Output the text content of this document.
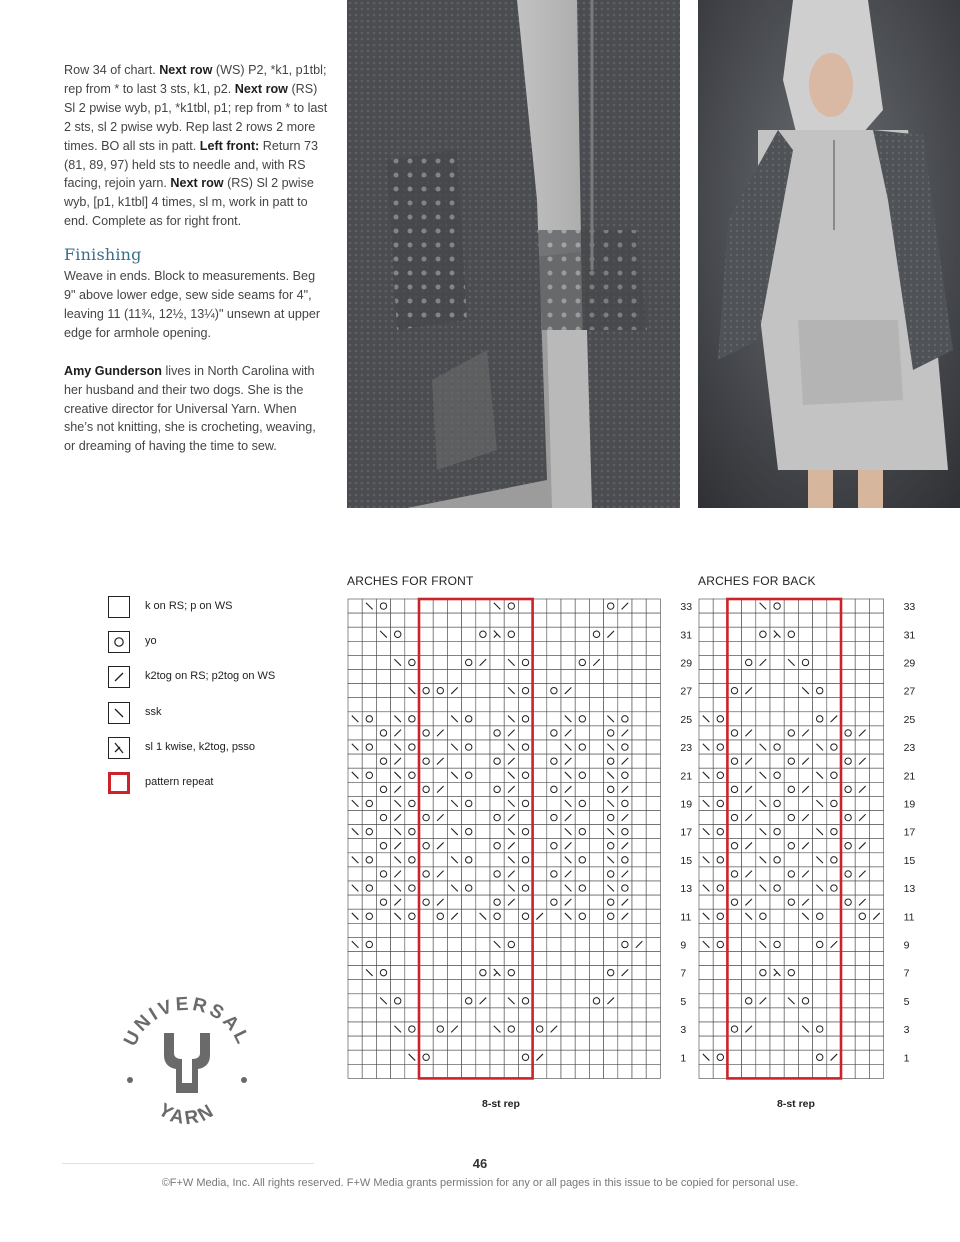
Row 34 of chart. Next row (WS) P2, *k1, p1tbl; rep from * to last 3 sts, k1, p2. Next row (RS) Sl 2 pwise wyb, p1, *k1tbl, p1; rep from * to last 2 sts, sl 2 pwise wyb. Rep last 2 rows 2 more times. BO all sts in patt. Left front: Return 73 (81, 89, 97) held sts to needle and, with RS facing, rejoin yarn. Next row (RS) Sl 2 pwise wyb, [p1, k1tbl] 4 times, sl m, work in patt to end. Complete as for right front.

Finishing

Weave in ends. Block to measurements. Beg 9" above lower edge, sew side seams for 4", leaving 11 (11¾, 12½, 13¼)" unsewn at upper edge for armhole opening.

Amy Gunderson lives in North Carolina with her husband and their two dogs. She is the creative director for Universal Yarn. When she’s not knitting, she is crocheting, weaving, or dreaming of having the time to sew.

k on RS; p on WS
yo
k2tog on RS; p2tog on WS
ssk
sl 1 kwise, k2tog, psso
pattern repeat
ARCHES FOR FRONT	ARCHES FOR BACK
33
31
29
27
25
23
21
19
17
15
13
11
9
7
5
3
1
33
31
29
27
25
23
21
19
17
15
13
11
9
7
5
3
1
8-st rep	8-st rep
UNIVERSAL
YARN
46
©F+W Media, Inc. All rights reserved. F+W Media grants permission for any or all pages in this issue to be copied for personal use.
